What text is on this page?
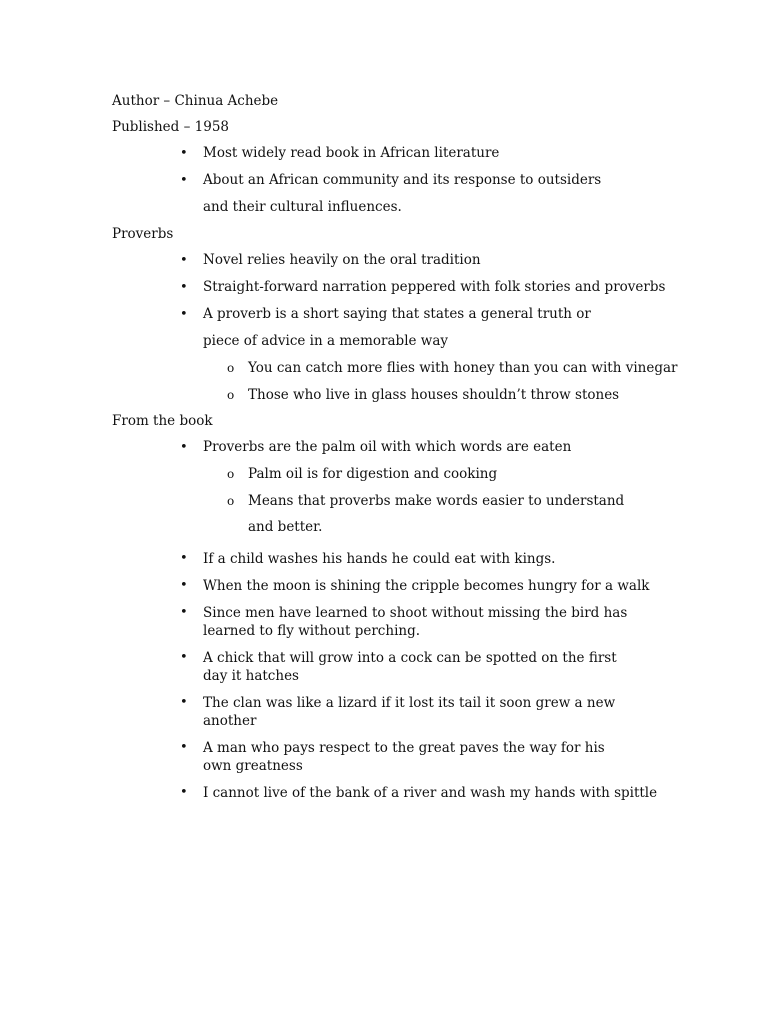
Author – Chinua Achebe
Published – 1958
• Most widely read book in African literature
• About an African community and its response to outsiders and their cultural influences.
Proverbs
• Novel relies heavily on the oral tradition
• Straight-forward narration peppered with folk stories and proverbs
• A proverb is a short saying that states a general truth or piece of advice in a memorable way
o You can catch more flies with honey than you can with vinegar
o Those who live in glass houses shouldn’t throw stones
From the book
• Proverbs are the palm oil with which words are eaten
o Palm oil is for digestion and cooking
o Means that proverbs make words easier to understand and better.
• If a child washes his hands he could eat with kings.
• When the moon is shining the cripple becomes hungry for a walk
• Since men have learned to shoot without missing the bird has learned to fly without perching.
• A chick that will grow into a cock can be spotted on the first day it hatches
• The clan was like a lizard if it lost its tail it soon grew a new another
• A man who pays respect to the great paves the way for his own greatness
• I cannot live of the bank of a river and wash my hands with spittle
